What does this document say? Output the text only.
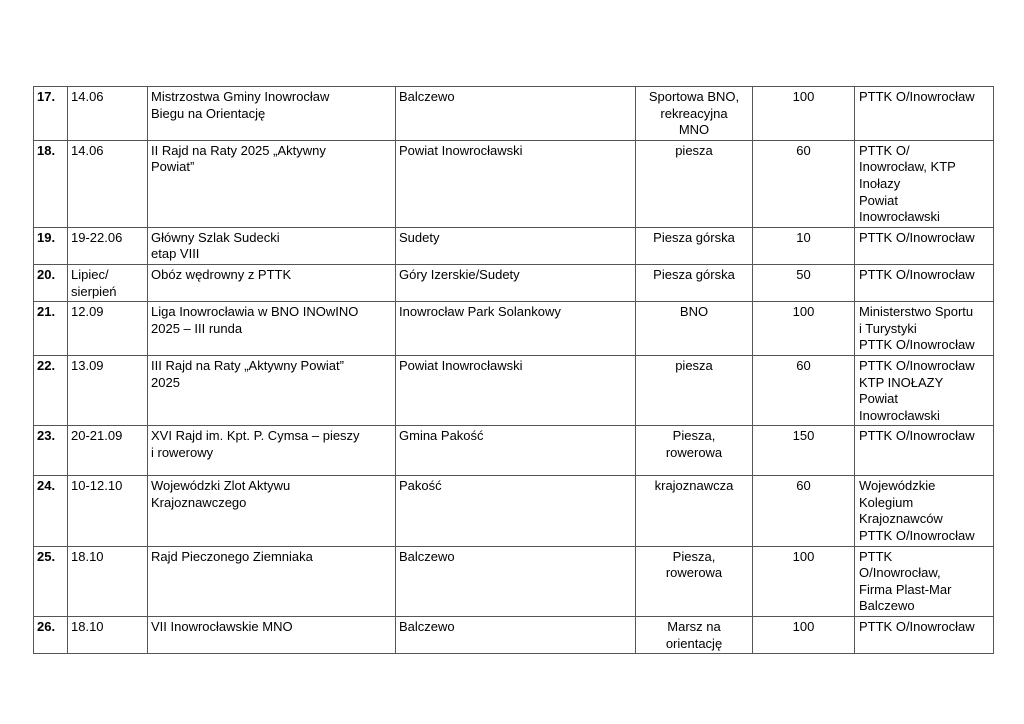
17.	14.06	Mistrzostwa Gminy Inowrocław
Biegu na Orientację	Balczewo	Sportowa BNO,
rekreacyjna
MNO	100	PTTK O/Inowrocław
18.	14.06	II Rajd na Raty 2025 „Aktywny
Powiat”	Powiat Inowrocławski	piesza	60	PTTK O/
Inowrocław, KTP
Inołazy
Powiat
Inowrocławski
19.	19-22.06	Główny Szlak Sudecki
etap VIII	Sudety	Piesza górska	10	PTTK O/Inowrocław
20.	Lipiec/
sierpień	Obóz wędrowny z PTTK	Góry Izerskie/Sudety	Piesza górska	50	PTTK O/Inowrocław
21.	12.09	Liga Inowrocławia w BNO INOwINO
2025 – III runda	Inowrocław Park Solankowy	BNO	100	Ministerstwo Sportu
i Turystyki
PTTK O/Inowrocław
22.	13.09	III Rajd na Raty „Aktywny Powiat”
2025	Powiat Inowrocławski	piesza	60	PTTK O/Inowrocław
KTP INOŁAZY
Powiat
Inowrocławski
23.	20-21.09	XVI Rajd im. Kpt. P. Cymsa – pieszy
i rowerowy	Gmina Pakość	Piesza,
rowerowa	150	PTTK O/Inowrocław
24.	10-12.10	Wojewódzki Zlot Aktywu
Krajoznawczego	Pakość	krajoznawcza	60	Wojewódzkie
Kolegium
Krajoznawców
PTTK O/Inowrocław
25.	18.10	Rajd Pieczonego Ziemniaka	Balczewo	Piesza,
rowerowa	100	PTTK
O/Inowrocław,
Firma Plast-Mar
Balczewo
26.	18.10	VII Inowrocławskie MNO	Balczewo	Marsz na
orientację	100	PTTK O/Inowrocław
